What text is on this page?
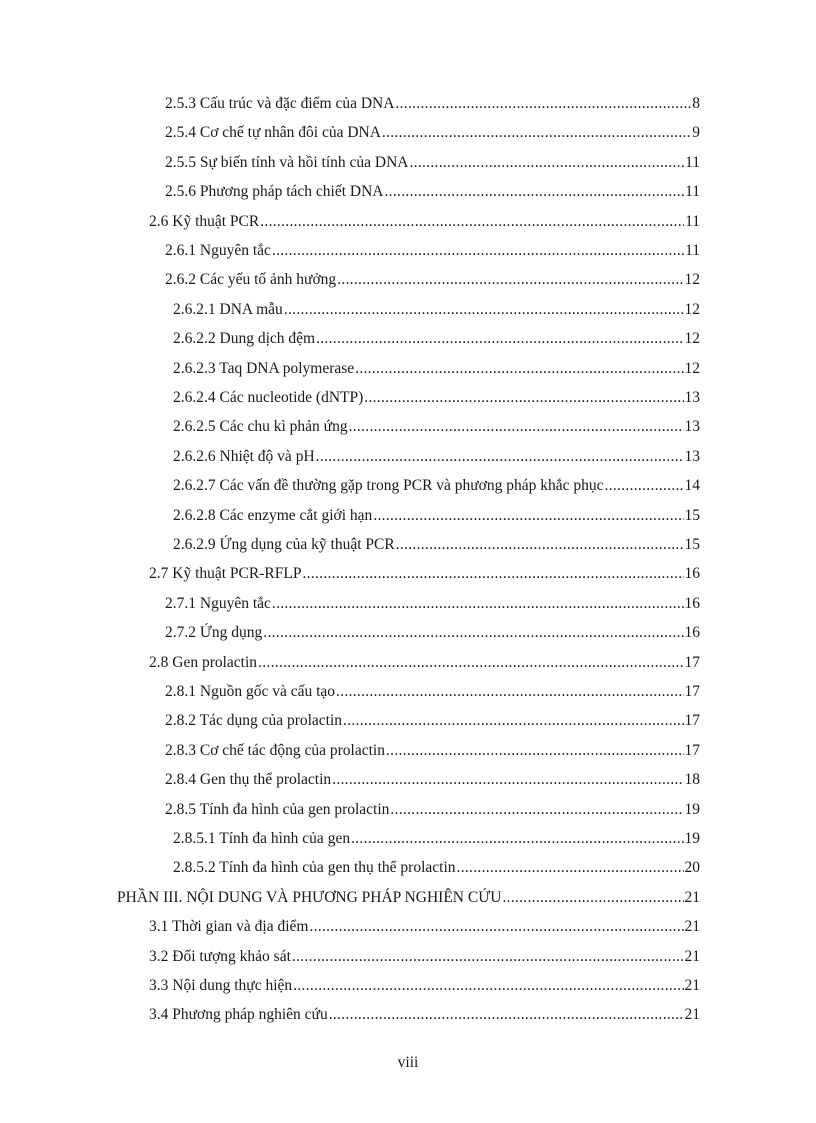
2.5.3 Cấu trúc và đặc điểm của DNA .....	8
2.5.4 Cơ chế tự nhân đôi của DNA .....	9
2.5.5 Sự biến tính và hồi tính của DNA .....	11
2.5.6 Phương pháp tách chiết DNA .....	11
2.6 Kỹ thuật PCR .....	11
2.6.1 Nguyên tắc .....	11
2.6.2 Các yếu tố ảnh hưởng .....	12
2.6.2.1 DNA mẫu .....	12
2.6.2.2 Dung dịch đệm .....	12
2.6.2.3 Taq DNA polymerase .....	12
2.6.2.4 Các nucleotide (dNTP) .....	13
2.6.2.5 Các chu kì phản ứng .....	13
2.6.2.6 Nhiệt độ và pH .....	13
2.6.2.7 Các vấn đề thường gặp trong PCR và phương pháp khắc phục .....	14
2.6.2.8 Các enzyme cắt giới hạn .....	15
2.6.2.9 Ứng dụng của kỹ thuật PCR .....	15
2.7 Kỹ thuật PCR-RFLP .....	16
2.7.1 Nguyên tắc .....	16
2.7.2 Ứng dụng .....	16
2.8 Gen prolactin .....	17
2.8.1 Nguồn gốc và cấu tạo .....	17
2.8.2 Tác dụng của prolactin .....	17
2.8.3 Cơ chế tác động của prolactin .....	17
2.8.4 Gen thụ thể prolactin .....	18
2.8.5 Tính đa hình của gen prolactin .....	19
2.8.5.1 Tính đa hình của gen .....	19
2.8.5.2 Tính đa hình của gen thụ thể prolactin .....	20
PHẦN III. NỘI DUNG VÀ PHƯƠNG PHÁP NGHIÊN CỨU .....	21
3.1 Thời gian và địa điểm .....	21
3.2 Đối tượng khảo sát .....	21
3.3 Nội dung thực hiện .....	21
3.4 Phương pháp nghiên cứu .....	21
viii
